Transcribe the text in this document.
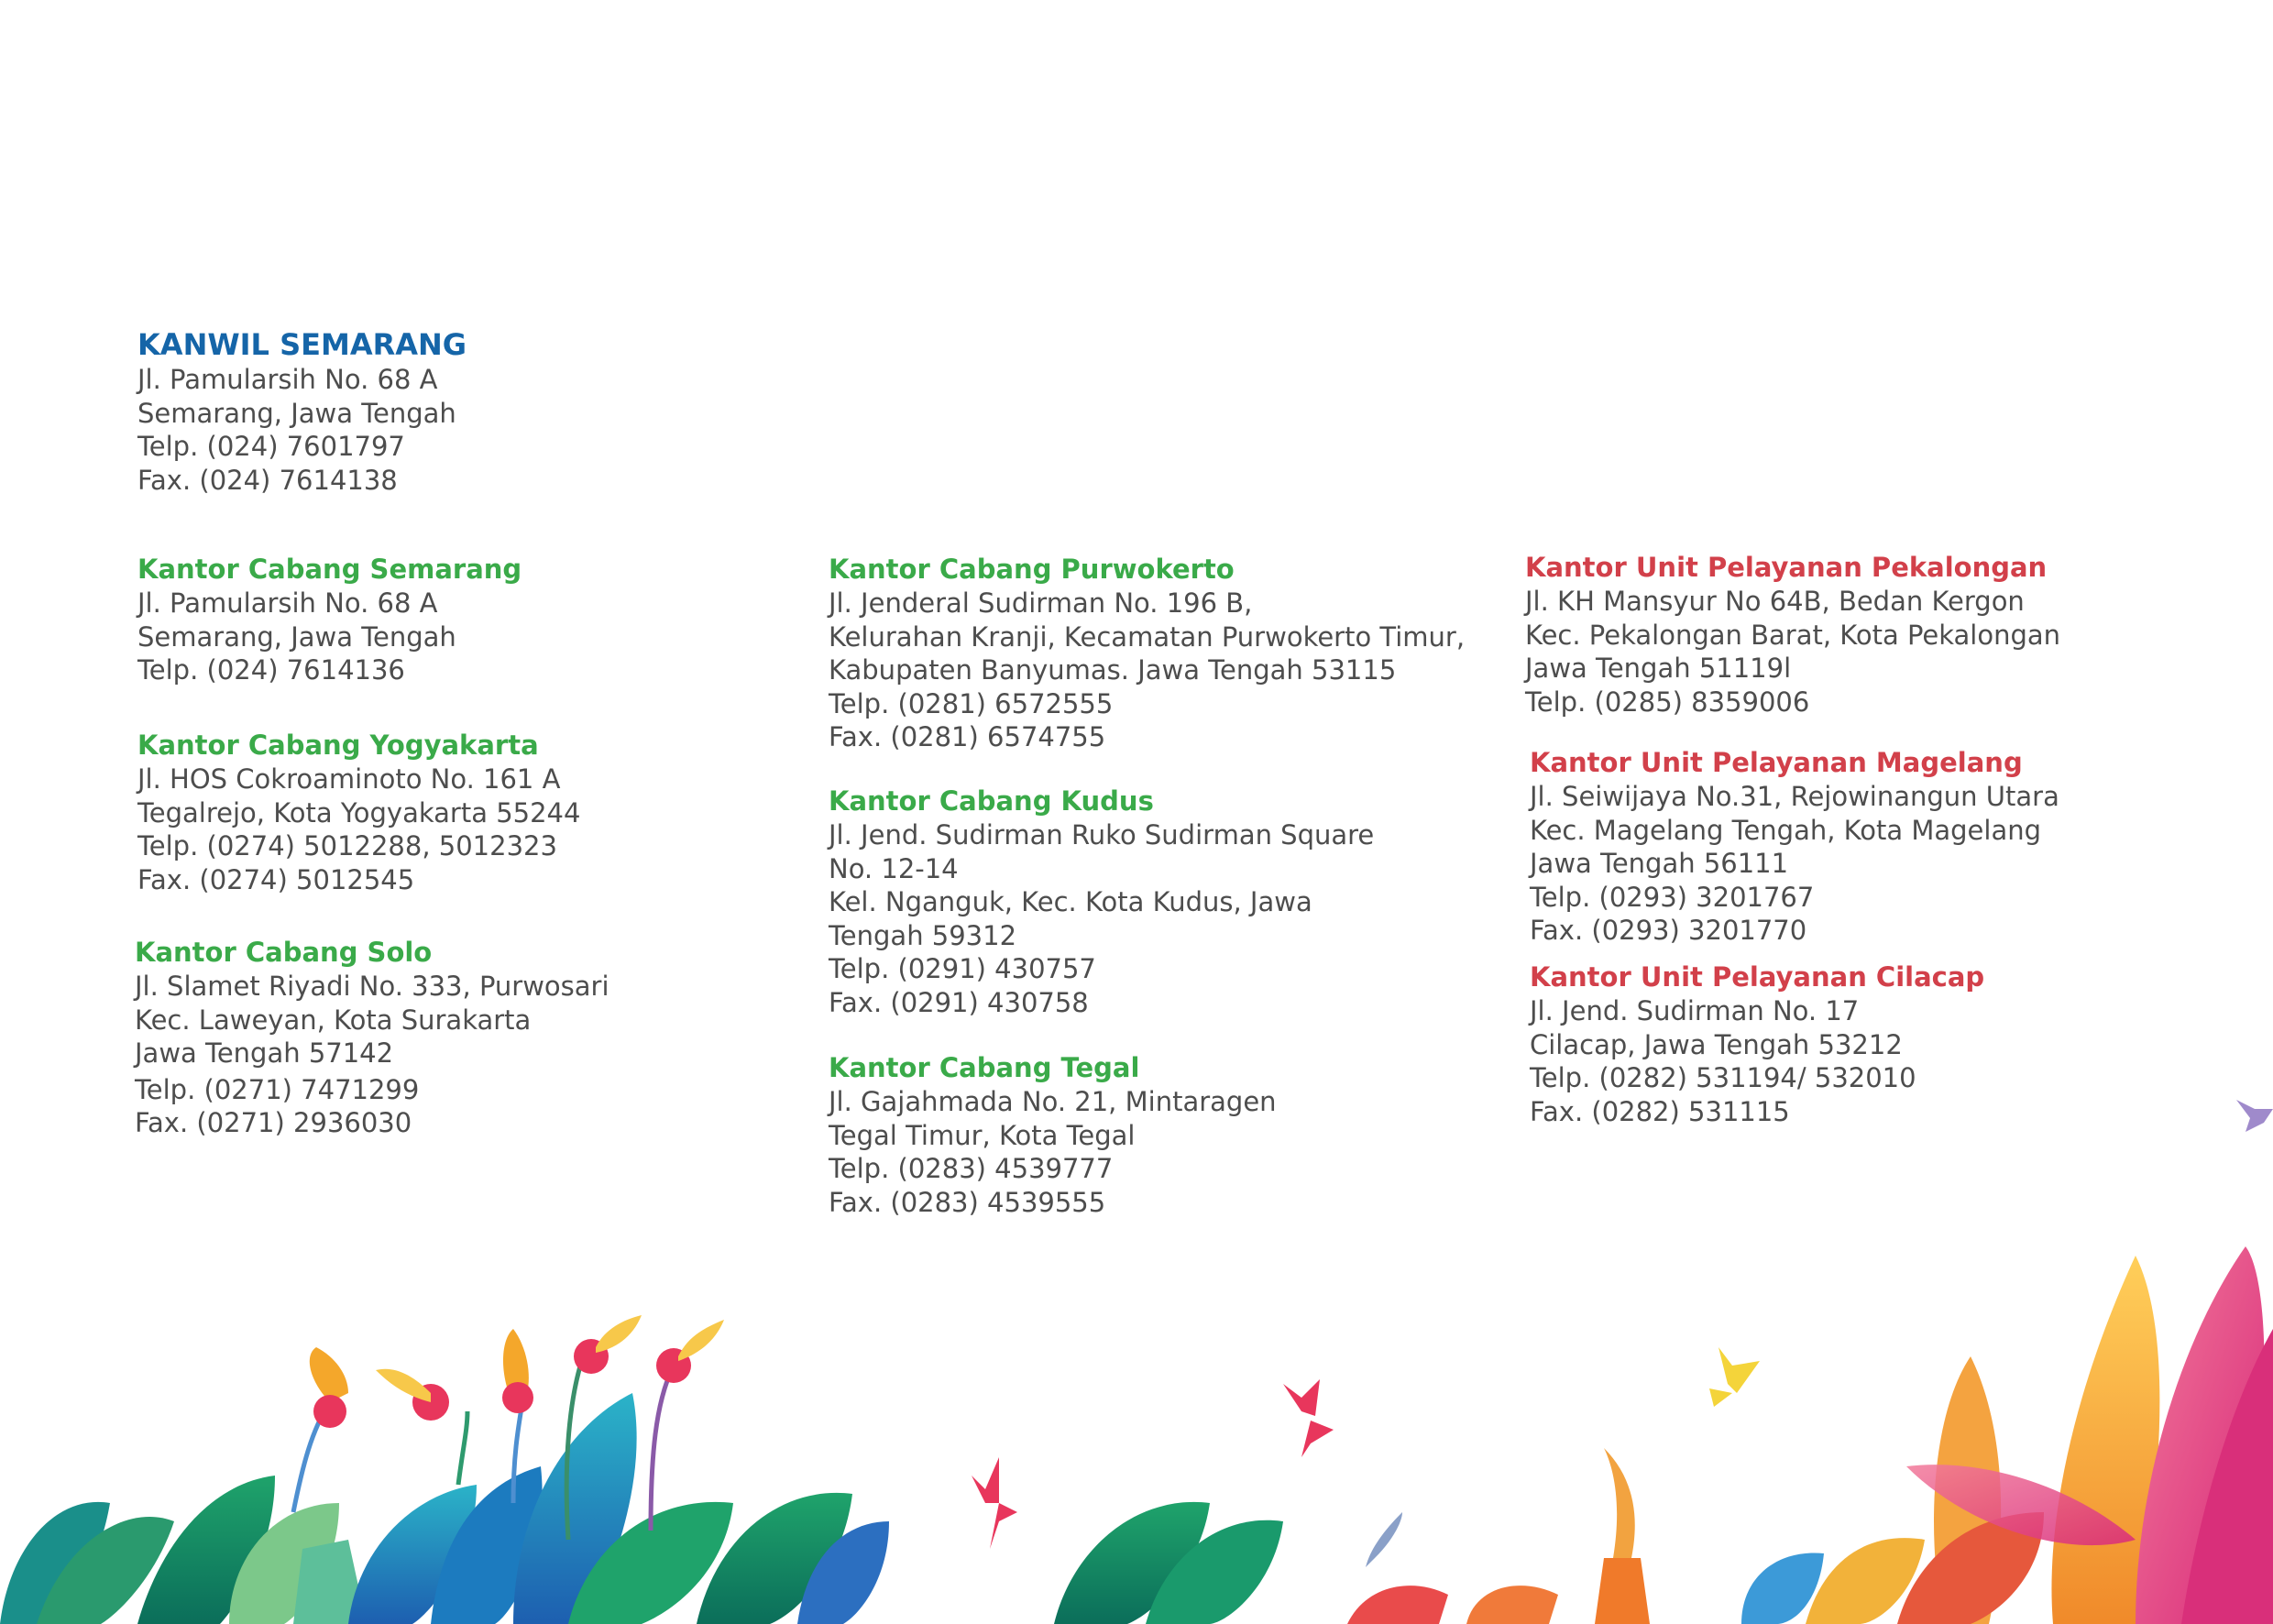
KANWIL SEMARANG
Jl. Pamularsih No. 68 A
Semarang, Jawa Tengah
Telp. (024) 7601797
Fax. (024) 7614138
Kantor Cabang Semarang
Jl. Pamularsih No. 68 A
Semarang, Jawa Tengah
Telp. (024) 7614136
Kantor Cabang Yogyakarta
Jl. HOS Cokroaminoto No. 161 A
Tegalrejo, Kota Yogyakarta 55244
Telp. (0274) 5012288, 5012323
Fax. (0274) 5012545
Kantor Cabang Solo
Jl. Slamet Riyadi No. 333, Purwosari
Kec. Laweyan, Kota Surakarta
Jawa Tengah 57142
Telp. (0271) 7471299
Fax. (0271) 2936030
Kantor Cabang Purwokerto
Jl. Jenderal Sudirman No. 196 B,
Kelurahan Kranji, Kecamatan Purwokerto Timur,
Kabupaten Banyumas. Jawa Tengah 53115
Telp. (0281) 6572555
Fax. (0281) 6574755
Kantor Cabang Kudus
Jl. Jend. Sudirman Ruko Sudirman Square
No. 12-14
Kel. Nganguk, Kec. Kota Kudus, Jawa
Tengah 59312
Telp. (0291) 430757
Fax. (0291) 430758
Kantor Cabang Tegal
Jl. Gajahmada No. 21, Mintaragen
Tegal Timur, Kota Tegal
Telp. (0283) 4539777
Fax. (0283) 4539555
Kantor Unit Pelayanan Pekalongan
Jl. KH Mansyur No 64B, Bedan Kergon
Kec. Pekalongan Barat, Kota Pekalongan
Jawa Tengah 51119l
Telp. (0285) 8359006
Kantor Unit Pelayanan Magelang
Jl. Seiwijaya No.31, Rejowinangun Utara
Kec. Magelang Tengah, Kota Magelang
Jawa Tengah 56111
Telp. (0293) 3201767
Fax. (0293) 3201770
Kantor Unit Pelayanan Cilacap
Jl. Jend. Sudirman No. 17
Cilacap, Jawa Tengah 53212
Telp. (0282) 531194/ 532010
Fax. (0282) 531115
